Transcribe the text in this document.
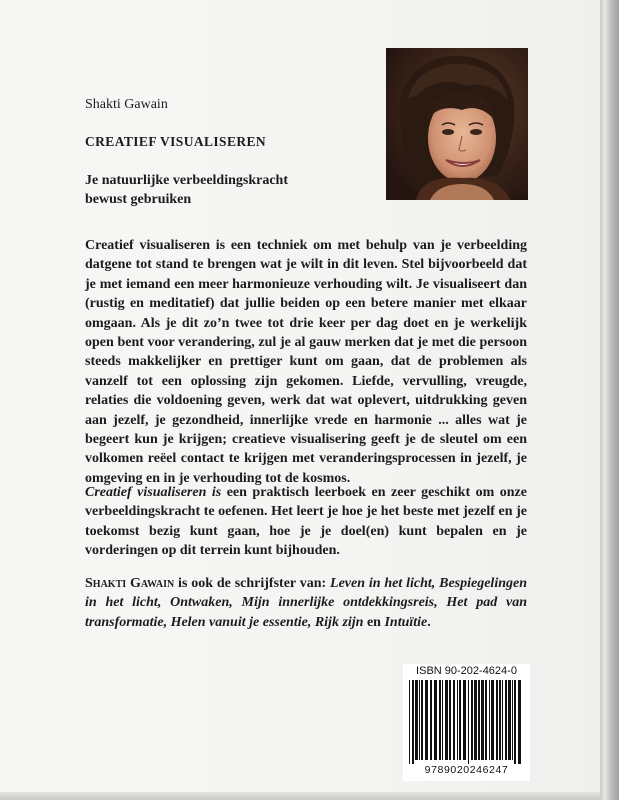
Shakti Gawain
CREATIEF VISUALISEREN
Je natuurlijke verbeeldingskracht
bewust gebruiken
Creatief visualiseren is een techniek om met behulp van je verbeelding datgene tot stand te brengen wat je wilt in dit leven. Stel bijvoorbeeld dat je met iemand een meer harmonieuze verhouding wilt. Je visualiseert dan (rustig en meditatief) dat jullie beiden op een betere manier met elkaar omgaan. Als je dit zo’n twee tot drie keer per dag doet en je werkelijk open bent voor verandering, zul je al gauw merken dat je met die persoon steeds makkelijker en prettiger kunt om gaan, dat de problemen als vanzelf tot een oplossing zijn gekomen. Liefde, vervulling, vreugde, relaties die voldoening geven, werk dat wat oplevert, uitdrukking geven aan jezelf, je gezondheid, innerlijke vrede en harmonie ... alles wat je begeert kun je krijgen; creatieve visualisering geeft je de sleutel om een volkomen reëel contact te krijgen met veranderingsprocessen in jezelf, je omgeving en in je verhouding tot de kosmos.
Creatief visualiseren is een praktisch leerboek en zeer geschikt om onze verbeeldingskracht te oefenen. Het leert je hoe je het beste met jezelf en je toekomst bezig kunt gaan, hoe je je doel(en) kunt bepalen en je vorderingen op dit terrein kunt bijhouden.
Shakti Gawain is ook de schrijfster van: Leven in het licht, Bespiegelingen in het licht, Ontwaken, Mijn innerlijke ontdekkingsreis, Het pad van transformatie, Helen vanuit je essentie, Rijk zijn en Intuïtie.
ISBN 90-202-4624-0
9789020246247
